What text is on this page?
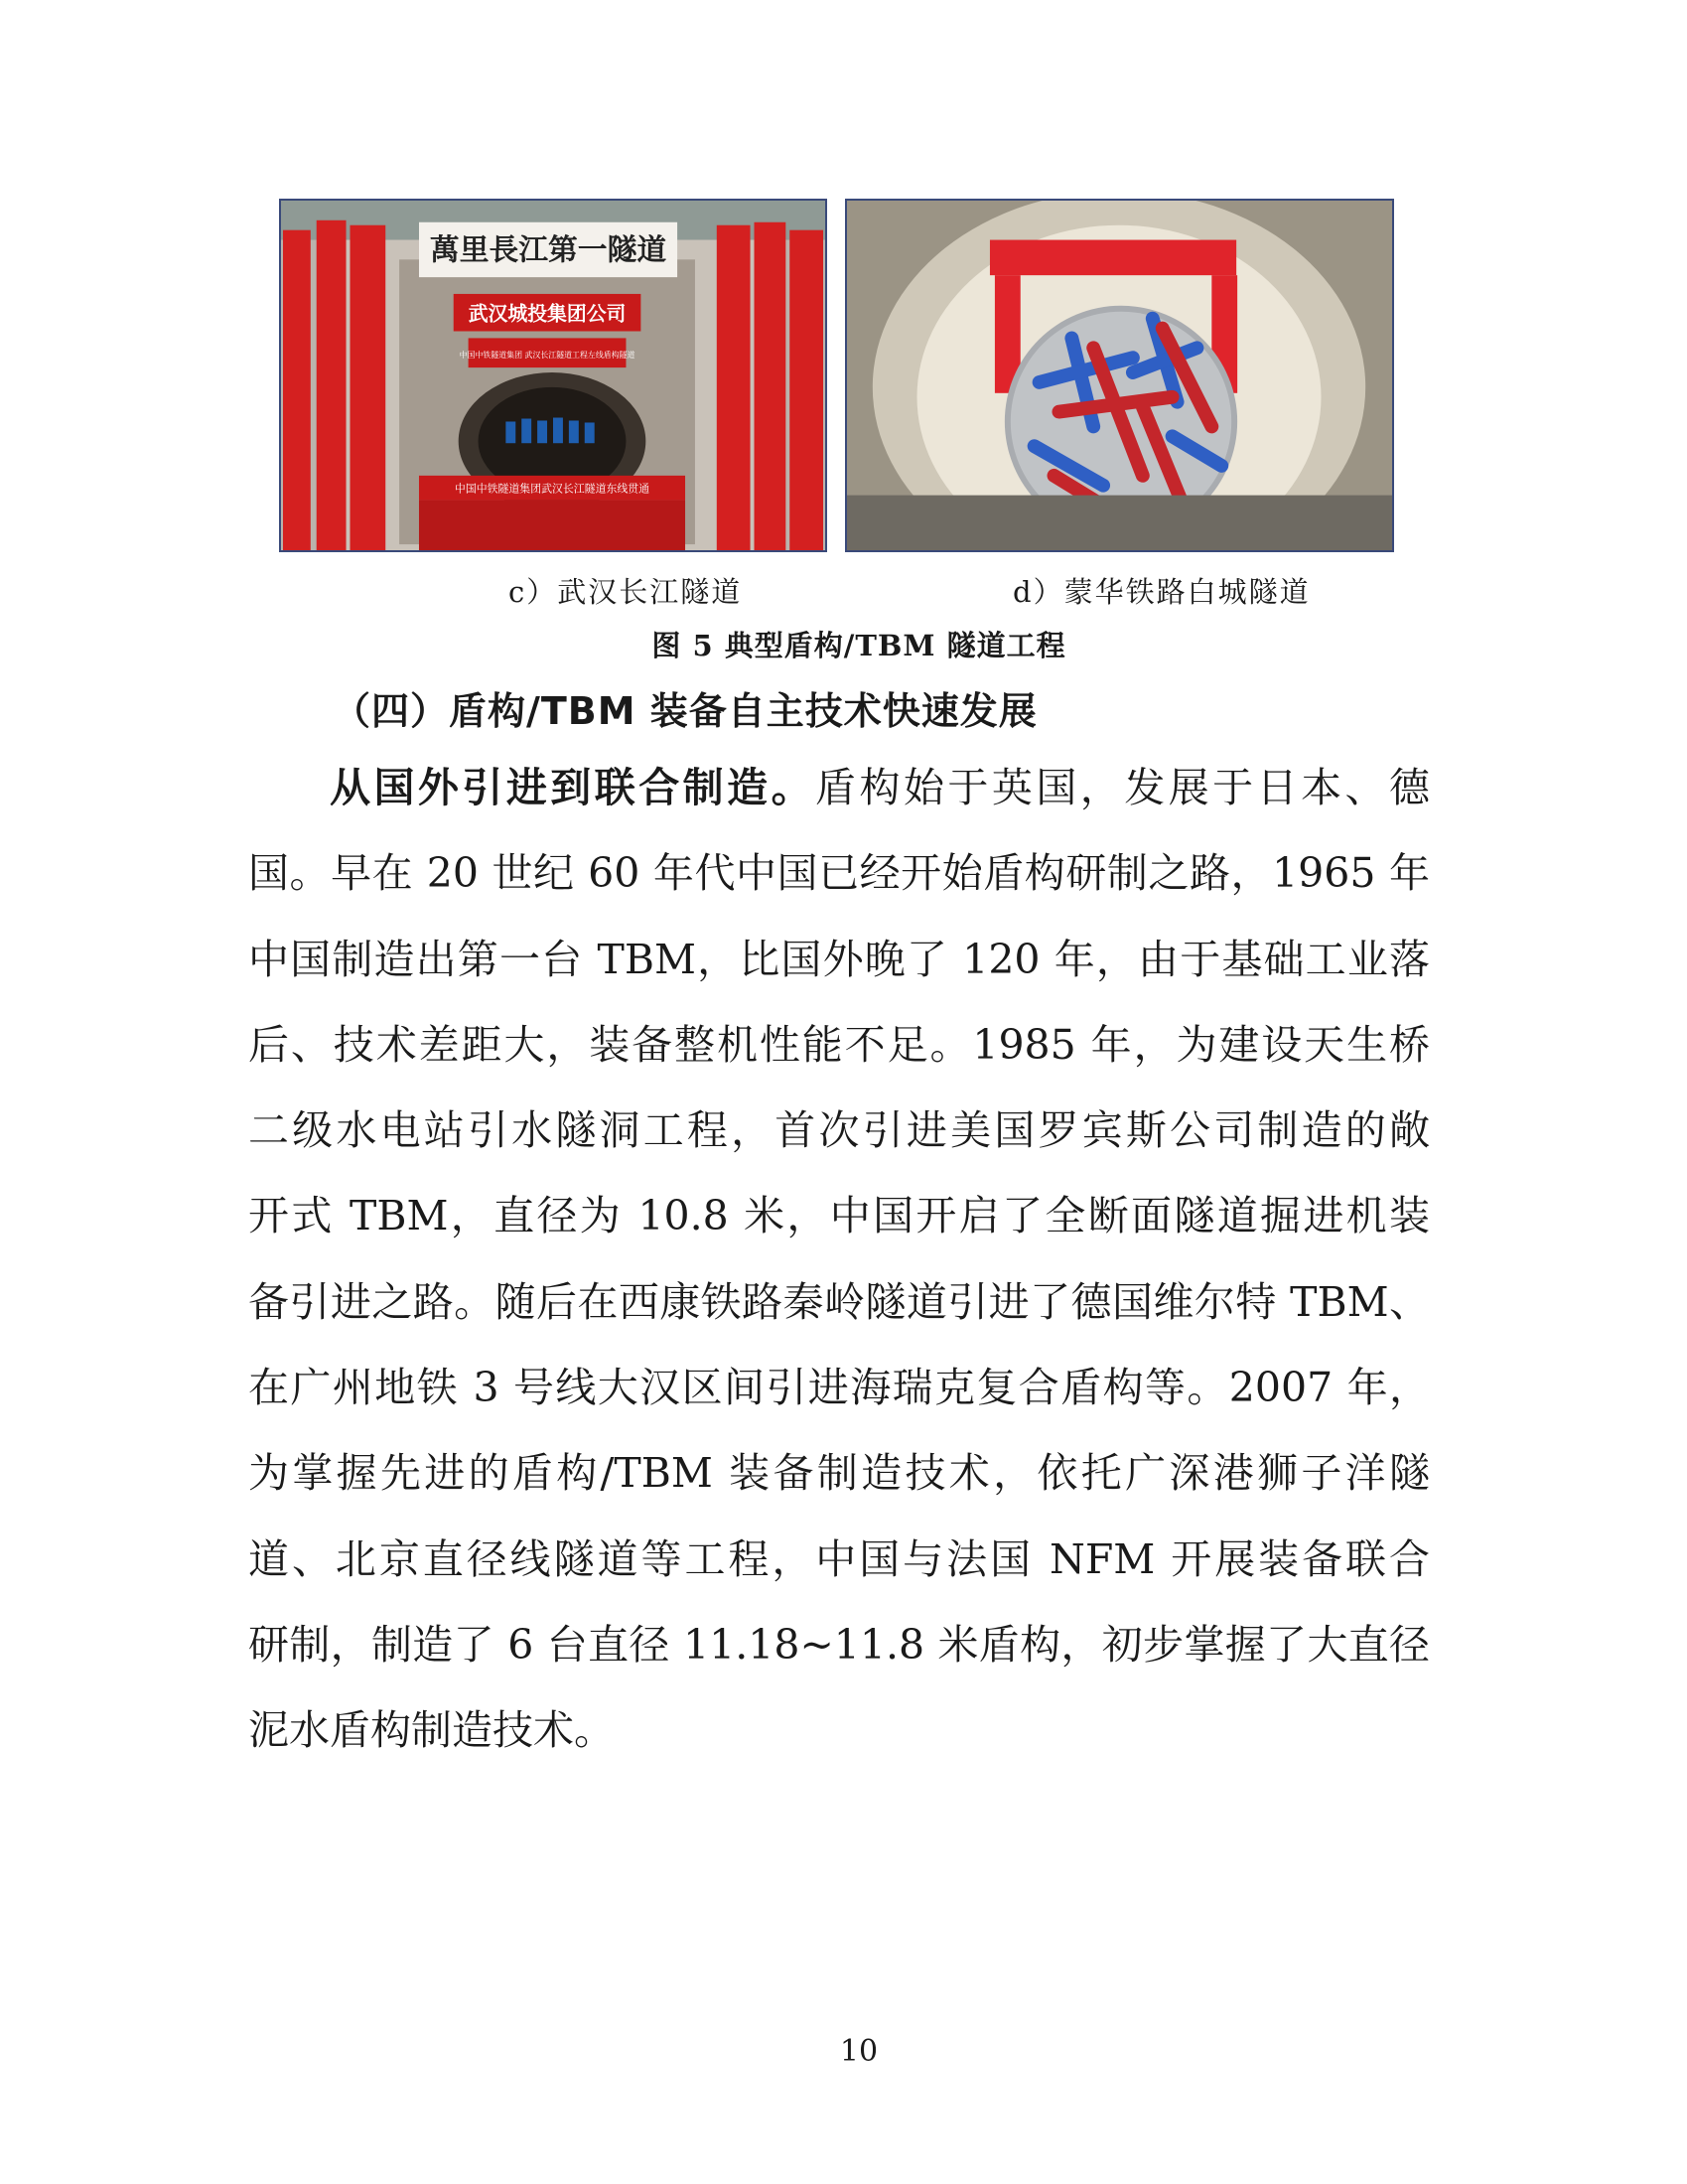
萬里長江第一隧道
武汉城投集团公司
中国中铁隧道集团 武汉长江隧道工程左线盾构隧道
中国中铁隧道集团武汉长江隧道东线贯通
c）武汉长江隧道	d）蒙华铁路白城隧道
图 5 典型盾构/TBM 隧道工程
（四）盾构/TBM 装备自主技术快速发展
从国外引进到联合制造。盾构始于英国，发展于日本、德
国。早在 20 世纪 60 年代中国已经开始盾构研制之路，1965 年
中国制造出第一台 TBM，比国外晚了 120 年，由于基础工业落
后、技术差距大，装备整机性能不足。1985 年，为建设天生桥
二级水电站引水隧洞工程，首次引进美国罗宾斯公司制造的敞
开式 TBM，直径为 10.8 米，中国开启了全断面隧道掘进机装
备引进之路。随后在西康铁路秦岭隧道引进了德国维尔特 TBM、
在广州地铁 3 号线大汉区间引进海瑞克复合盾构等。2007 年，
为掌握先进的盾构/TBM 装备制造技术，依托广深港狮子洋隧
道、北京直径线隧道等工程，中国与法国 NFM 开展装备联合
研制，制造了 6 台直径 11.18~11.8 米盾构，初步掌握了大直径
泥水盾构制造技术。
10
